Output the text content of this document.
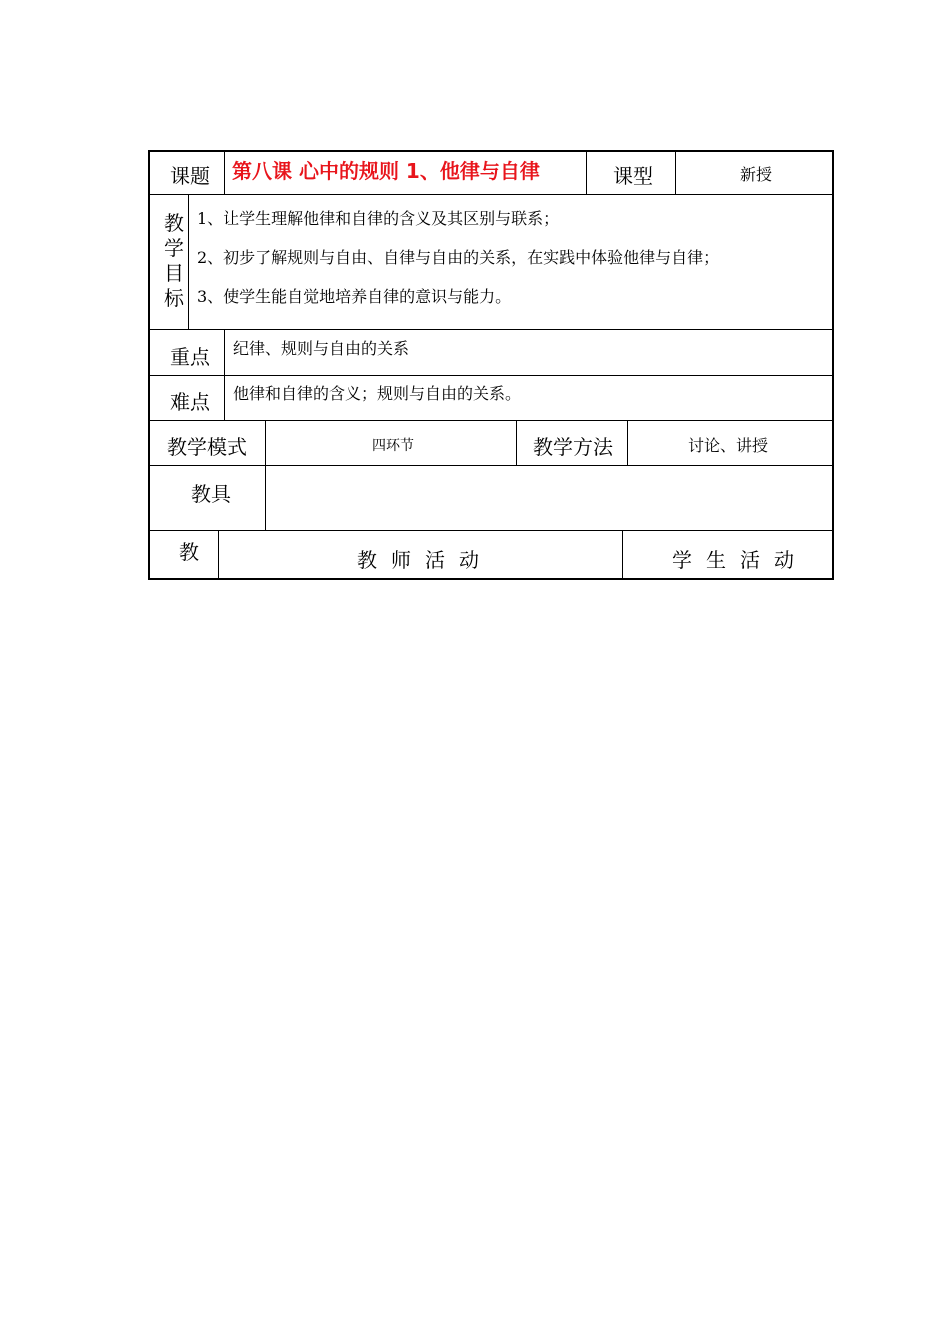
课题 第八课 心中的规则 1、他律与自律	课型	新授
教学目标
1、让学生理解他律和自律的含义及其区别与联系；
2、初步了解规则与自由、自律与自由的关系，在实践中体验他律与自律；
3、使学生能自觉地培养自律的意识与能力。
重点 纪律、规则与自由的关系
难点 他律和自律的含义；规则与自由的关系。
教学模式	四环节	教学方法	讨论、讲授
教具
教	教师活动	学生活动
